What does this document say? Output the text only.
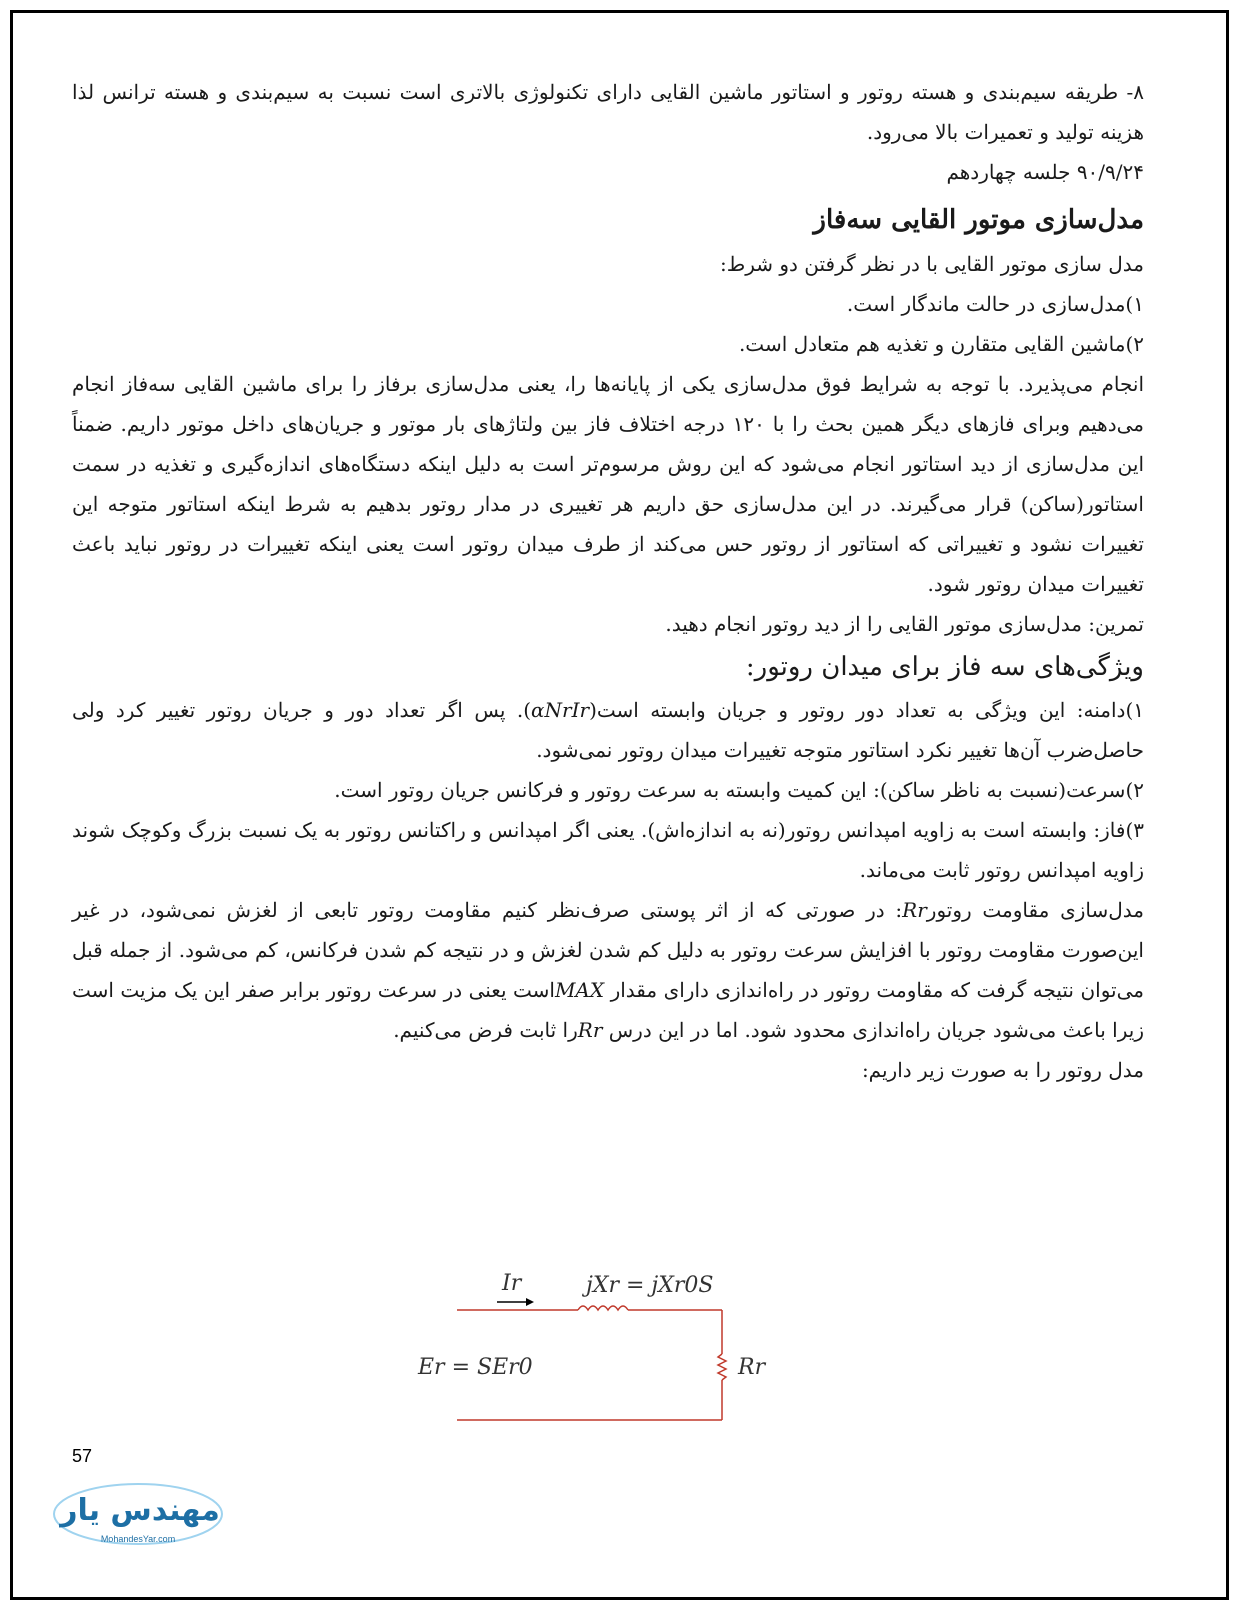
۸- طریقه سیم‌بندی و هسته روتور و استاتور ماشین القایی دارای تکنولوژی بالاتری است نسبت به سیم‌بندی و هسته ترانس لذا هزینه تولید و تعمیرات بالا می‌رود.

۹۰/۹/۲۴ جلسه چهاردهم

مدل‌سازی موتور القایی سه‌فاز

مدل سازی موتور القایی با در نظر گرفتن دو شرط:

۱)مدل‌سازی در حالت ماندگار است.

۲)ماشین القایی متقارن و تغذیه هم متعادل است.

انجام می‌پذیرد. با توجه به شرایط فوق مدل‌سازی یکی از پایانه‌ها را، یعنی مدل‌سازی برفاز را برای ماشین القایی سه‌فاز انجام می‌دهیم وبرای فازهای دیگر همین بحث را با ۱۲۰ درجه اختلاف فاز بین ولتاژهای بار موتور و جریان‌های داخل موتور داریم. ضمناً این مدل‌سازی از دید استاتور انجام می‌شود که این روش مرسوم‌تر است به دلیل اینکه دستگاه‌های اندازه‌گیری و تغذیه در سمت استاتور(ساکن) قرار می‌گیرند. در این مدل‌سازی حق داریم هر تغییری در مدار روتور بدهیم به شرط اینکه استاتور متوجه این تغییرات نشود و تغییراتی که استاتور از روتور حس می‌کند از طرف میدان روتور است یعنی اینکه تغییرات در روتور نباید باعث تغییرات میدان روتور شود.

تمرین: مدل‌سازی موتور القایی را از دید روتور انجام دهید.

ویژگی‌های سه فاز برای میدان روتور:

۱)دامنه: این ویژگی به تعداد دور روتور و جریان وابسته است(αNrIr). پس اگر تعداد دور و جریان روتور تغییر کرد ولی حاصل‌ضرب آن‌ها تغییر نکرد استاتور متوجه تغییرات میدان روتور نمی‌شود.

۲)سرعت(نسبت به ناظر ساکن): این کمیت وابسته به سرعت روتور و فرکانس جریان روتور است.

۳)فاز: وابسته است به زاویه امپدانس روتور(نه به اندازه‌اش). یعنی اگر امپدانس و راکتانس روتور به یک نسبت بزرگ وکوچک شوند زاویه امپدانس روتور ثابت می‌ماند.

مدل‌سازی مقاومت روتورRr: در صورتی که از اثر پوستی صرف‌نظر کنیم مقاومت روتور تابعی از لغزش نمی‌شود، در غیر این‌صورت مقاومت روتور با افزایش سرعت روتور به دلیل کم شدن لغزش و در نتیجه کم شدن فرکانس، کم می‌شود. از جمله قبل می‌توان نتیجه گرفت که مقاومت روتور در راه‌اندازی دارای مقدار MAXاست یعنی در سرعت روتور برابر صفر این یک مزیت است زیرا باعث می‌شود جریان راه‌اندازی محدود شود. اما در این درس Rrرا ثابت فرض می‌کنیم.

مدل روتور را به صورت زیر داریم:

Ir	jXr = jXr0S
Er = SEr0	Rr
57
مهندس یار
MohandesYar.com
